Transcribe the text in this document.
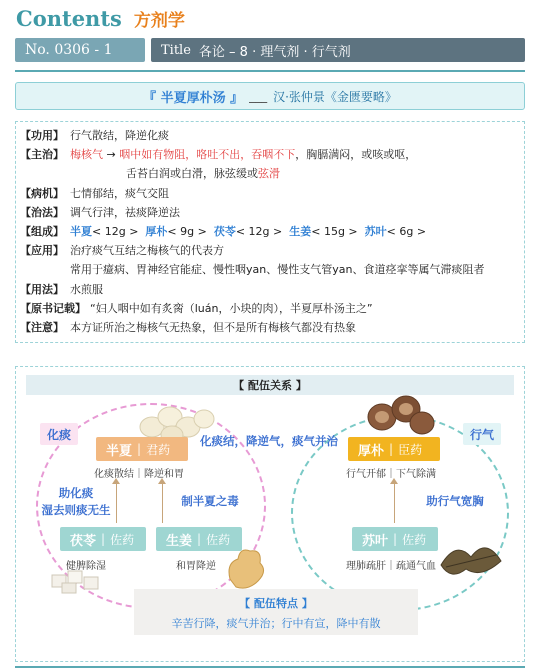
Contents 方剂学
No. 0306 - 1	Title 各论 – 8 · 理气剂 · 行气剂
『 半夏厚朴汤 』 ___ 汉·张仲景《金匮要略》
【功用】 行气散结，降逆化痰
【主治】 梅核气 → 咽中如有物阻，咯吐不出，吞咽不下，胸膈满闷，或咳或呕，
舌苔白润或白滑，脉弦缓或弦滑
【病机】 七情郁结，痰气交阻
【治法】 调气行津，祛痰降逆法
【组成】 半夏< 12g > 厚朴< 9g > 茯苓< 12g > 生姜< 15g > 苏叶< 6g >
【应用】 治疗痰气互结之梅核气的代表方
常用于癔病、胃神经官能症、慢性咽yan、慢性支气管yan、食道痉挛等属气滞痰阻者
【用法】 水煎服
【原书记载】 “妇人咽中如有炙脔（luán，小块的肉），半夏厚朴汤主之”
【注意】 本方证所治之梅核气无热象，但不是所有梅核气都没有热象
【 配伍关系 】
化痰	行气
半夏 | 君药
化痰散结｜降逆和胃
厚朴 | 臣药
行气开郁｜下气除满
茯苓 | 佐药
健脾除湿
生姜 | 佐药
和胃降逆
苏叶 | 佐药
理肺疏肝｜疏通气血
化痰结，降逆气，痰气并治
助化痰
湿去则痰无生
制半夏之毒	助行气宽胸
【 配伍特点 】
辛苦行降，痰气并治；行中有宣，降中有散
